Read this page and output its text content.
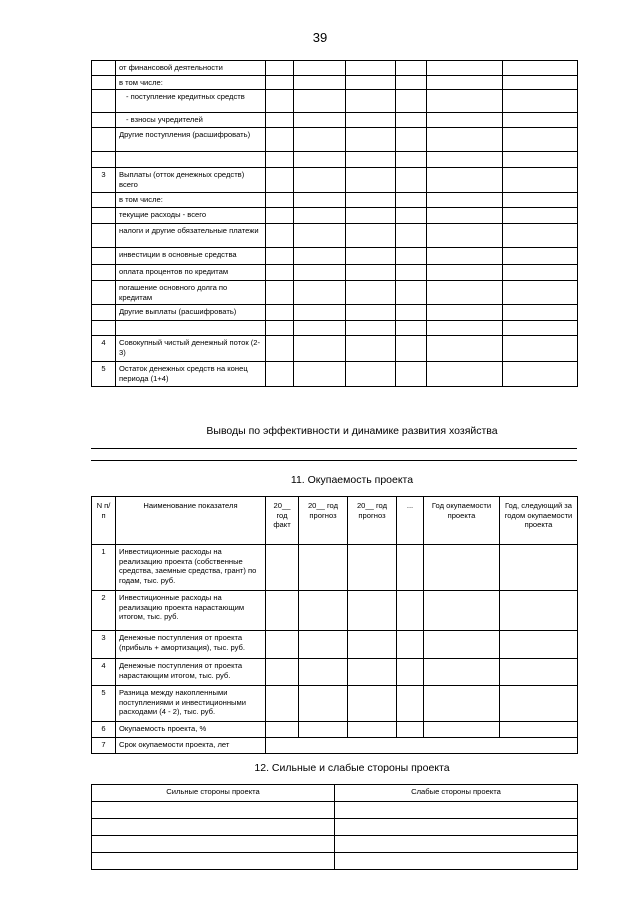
39
	от финансовой деятельности						
	в том числе:						
	- поступление кредитных средств						
	- взносы учредителей						
	Другие поступления (расшифровать)						

3	Выплаты (отток денежных средств) всего						
	в том числе:						
	текущие расходы - всего						
	налоги и другие обязательные платежи						
	инвестиции в основные средства						
	оплата процентов по кредитам						
	погашение основного долга по кредитам						
	Другие выплаты (расшифровать)						

4	Совокупный чистый денежный поток (2-3)						
5	Остаток денежных средств на конец периода (1+4)						
Выводы по эффективности и динамике развития хозяйства
11. Окупаемость проекта
N п/п	Наименование показателя	20__ год факт	20__ год прогноз	20__ год прогноз	...	Год окупаемости проекта	Год, следующий за годом окупаемости проекта
1	Инвестиционные расходы на реализацию проекта (собственные средства, заемные средства, грант) по годам, тыс. руб.						
2	Инвестиционные расходы на реализацию проекта нарастающим итогом, тыс. руб.						
3	Денежные поступления от проекта (прибыль + амортизация), тыс. руб.						
4	Денежные поступления от проекта нарастающим итогом, тыс. руб.						
5	Разница между накопленными поступлениями и инвестиционными расходами (4 - 2), тыс. руб.						
6	Окупаемость проекта, %						
7	Срок окупаемости проекта, лет						
12. Сильные и слабые стороны проекта
Сильные стороны проекта	Слабые стороны проекта
